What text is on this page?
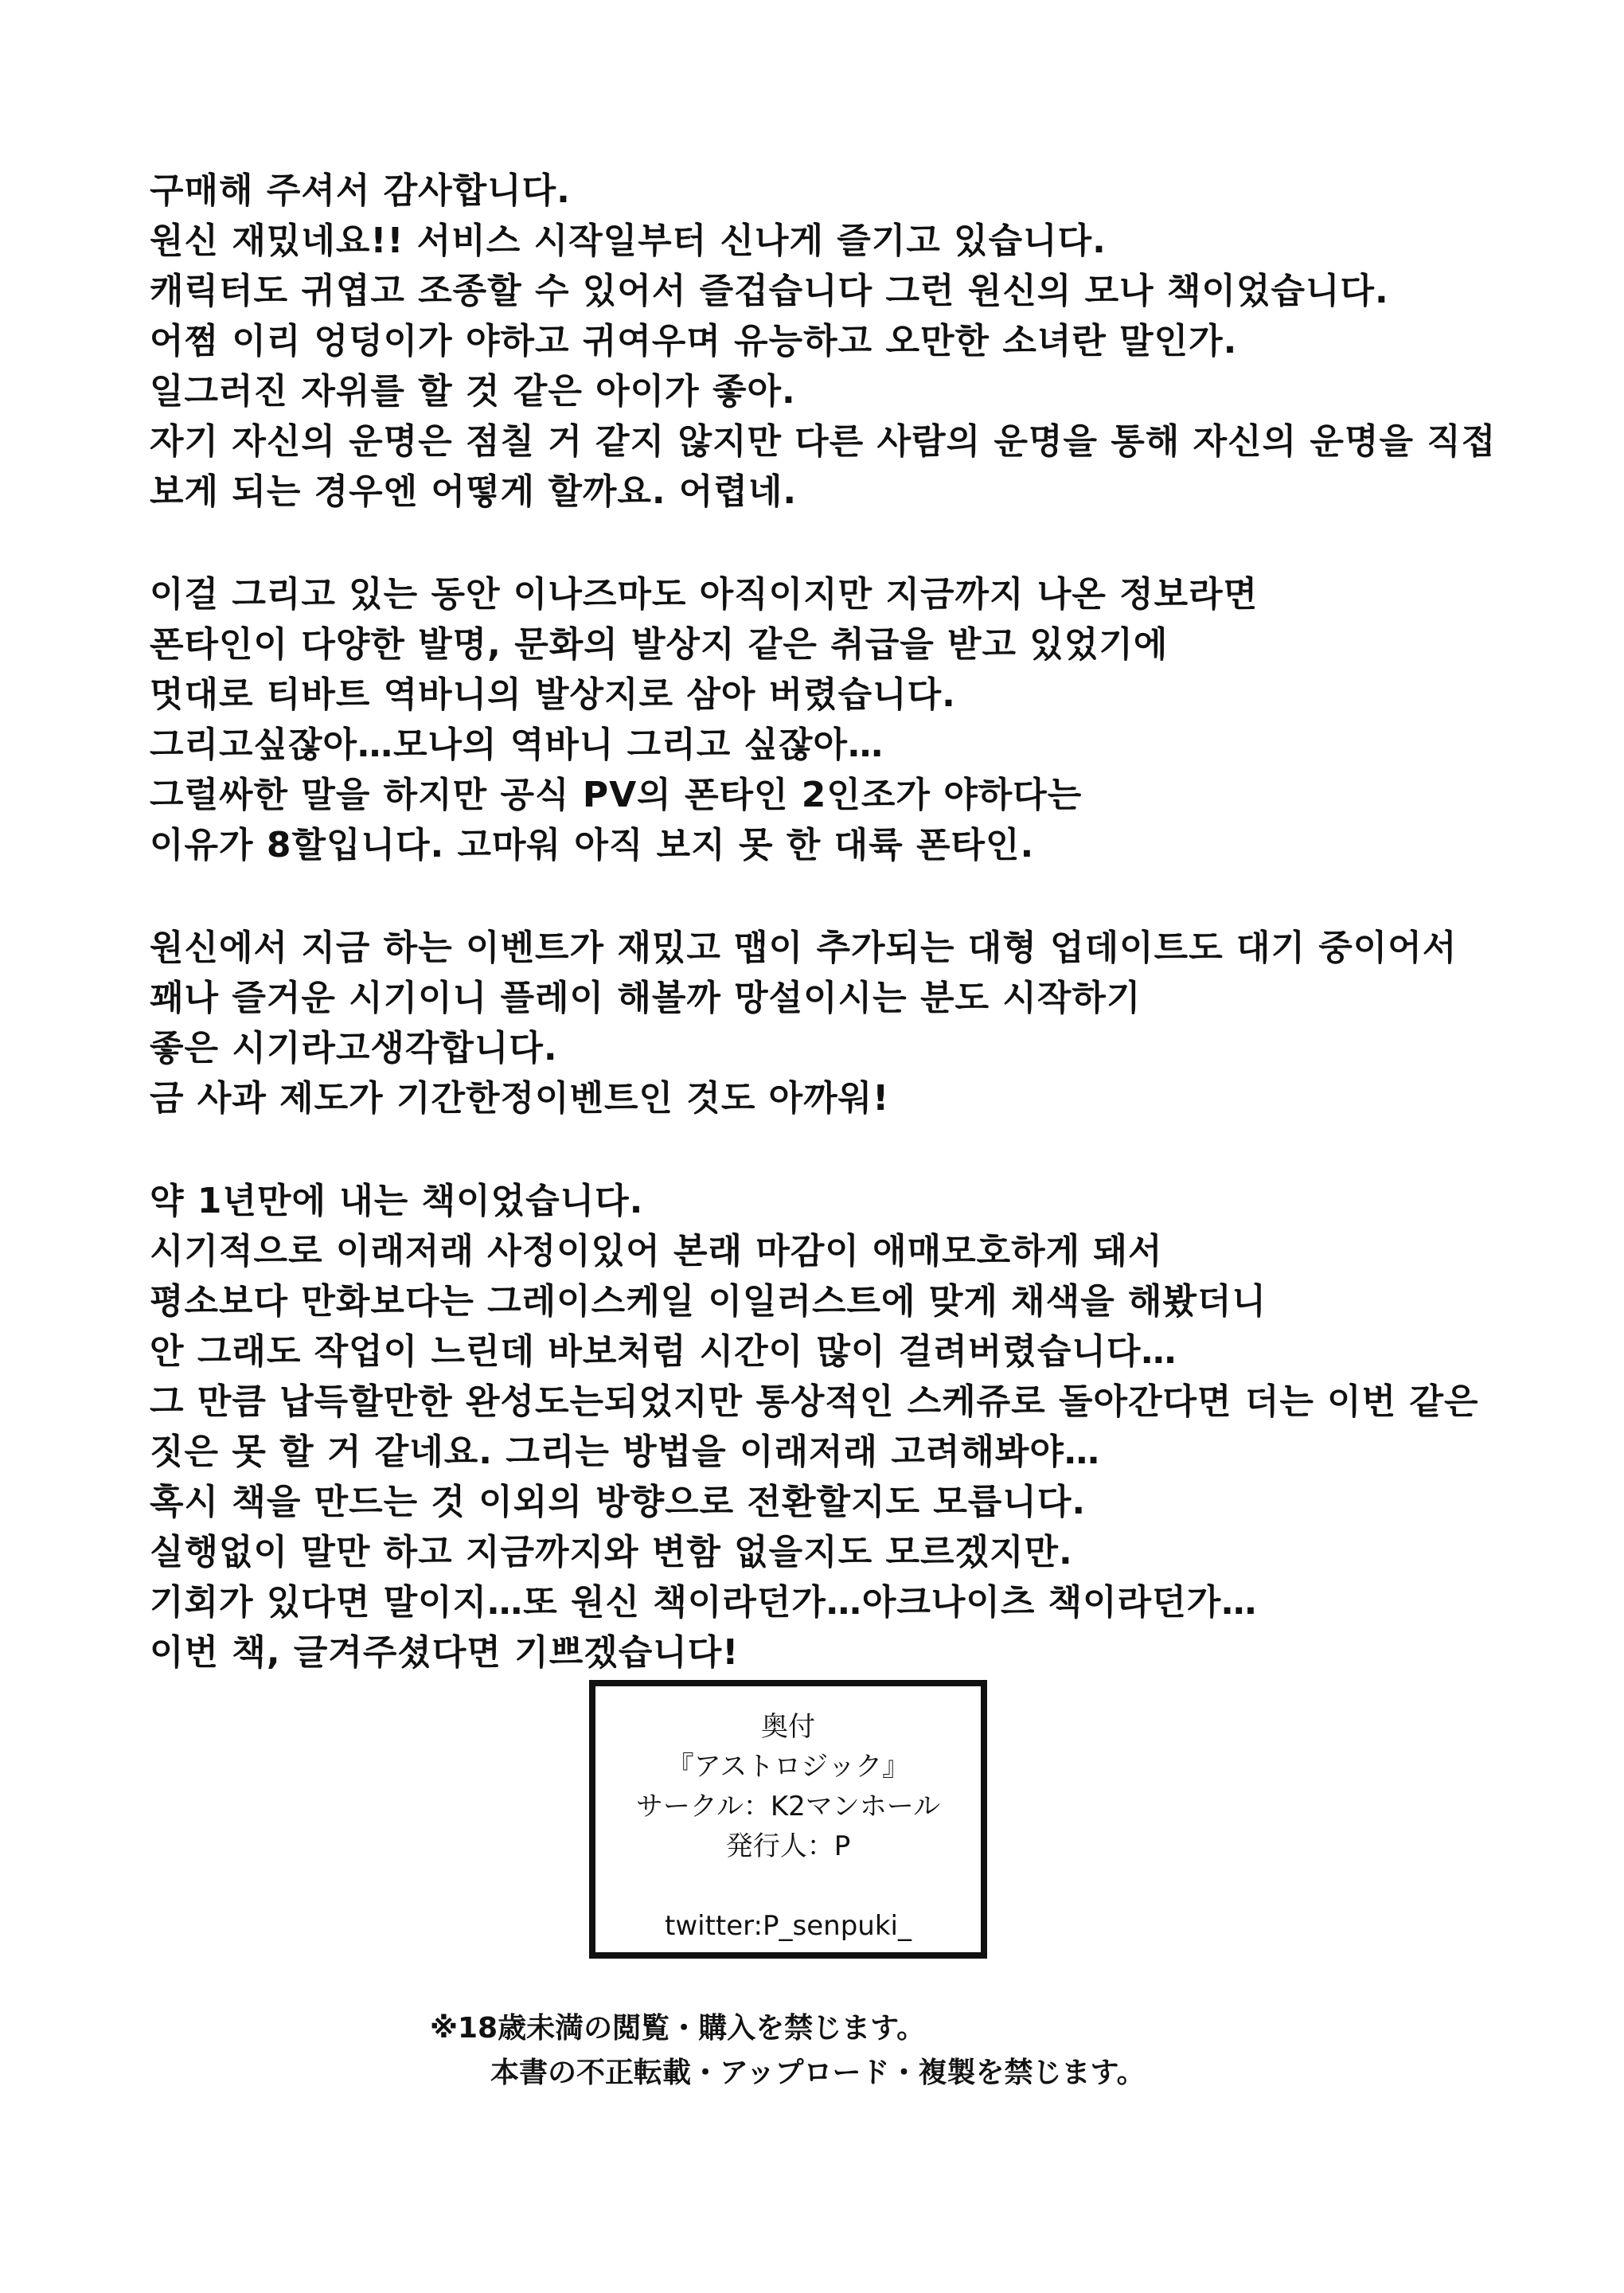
구매해 주셔서 감사합니다.
원신 재밌네요!! 서비스 시작일부터 신나게 즐기고 있습니다.
캐릭터도 귀엽고 조종할 수 있어서 즐겁습니다 그런 원신의 모나 책이었습니다.
어쩜 이리 엉덩이가 야하고 귀여우며 유능하고 오만한 소녀란 말인가.
일그러진 자위를 할 것 같은 아이가 좋아.
자기 자신의 운명은 점칠 거 같지 않지만 다른 사람의 운명을 통해 자신의 운명을 직접
보게 되는 경우엔 어떻게 할까요. 어렵네.
이걸 그리고 있는 동안 이나즈마도 아직이지만 지금까지 나온 정보라면
폰타인이 다양한 발명, 문화의 발상지 같은 취급을 받고 있었기에
멋대로 티바트 역바니의 발상지로 삼아 버렸습니다.
그리고싶잖아…모나의 역바니 그리고 싶잖아…
그럴싸한 말을 하지만 공식 PV의 폰타인 2인조가 야하다는
이유가 8할입니다. 고마워 아직 보지 못 한 대륙 폰타인.
원신에서 지금 하는 이벤트가 재밌고 맵이 추가되는 대형 업데이트도 대기 중이어서
꽤나 즐거운 시기이니 플레이 해볼까 망설이시는 분도 시작하기
좋은 시기라고생각합니다.
금 사과 제도가 기간한정이벤트인 것도 아까워!
약 1년만에 내는 책이었습니다.
시기적으로 이래저래 사정이있어 본래 마감이 애매모호하게 돼서
평소보다 만화보다는 그레이스케일 이일러스트에 맞게 채색을 해봤더니
안 그래도 작업이 느린데 바보처럼 시간이 많이 걸려버렸습니다…
그 만큼 납득할만한 완성도는되었지만 통상적인 스케쥬로 돌아간다면 더는 이번 같은
짓은 못 할 거 같네요. 그리는 방법을 이래저래 고려해봐야…
혹시 책을 만드는 것 이외의 방향으로 전환할지도 모릅니다.
실행없이 말만 하고 지금까지와 변함 없을지도 모르겠지만.
기회가 있다면 말이지…또 원신 책이라던가…아크나이츠 책이라던가…
이번 책, 글겨주셨다면 기쁘겠습니다!
奥付
『アストロジック』
サークル：K2マンホール
発行人：P
twitter:P_senpuki_
※18歳未満の閲覧・購入を禁じます。
本書の不正転載・アップロード・複製を禁じます。
